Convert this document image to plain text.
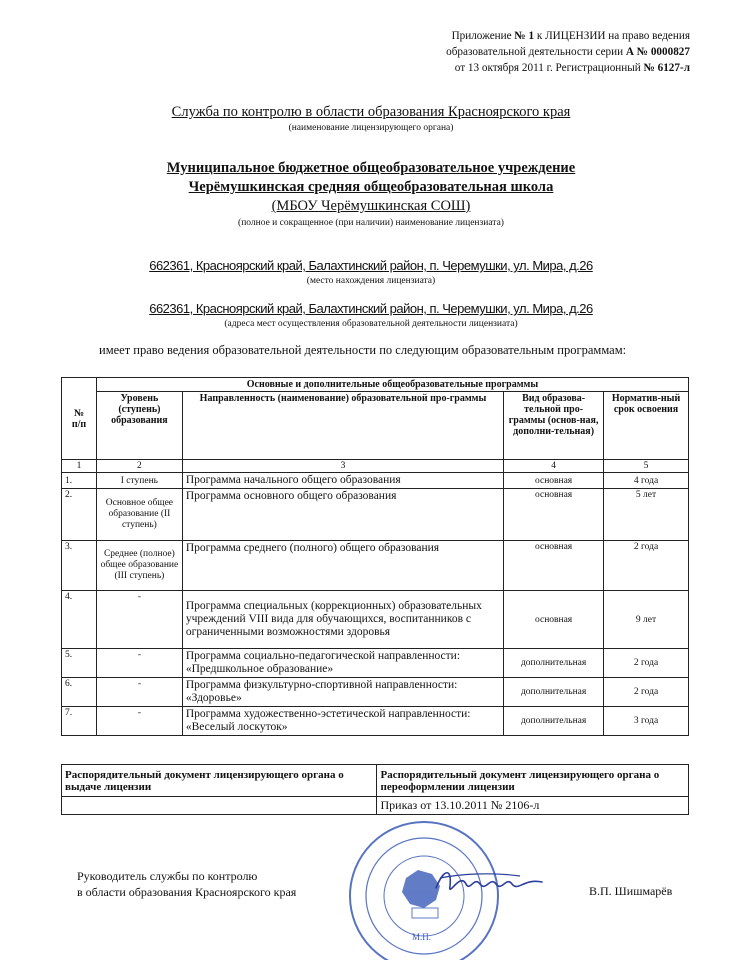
Приложение № 1 к ЛИЦЕНЗИИ на право ведения
образовательной деятельности серии А № 0000827
от 13 октября 2011 г. Регистрационный № 6127-л
Служба по контролю в области образования Красноярского края
(наименование лицензирующего органа)
Муниципальное бюджетное общеобразовательное учреждение
Черёмушкинская средняя общеобразовательная школа
(МБОУ Черёмушкинская СОШ)
(полное и сокращенное (при наличии) наименование лицензиата)
662361, Красноярский край, Балахтинский район, п. Черемушки, ул. Мира, д.26
(место нахождения лицензиата)
662361, Красноярский край, Балахтинский район, п. Черемушки, ул. Мира, д.26
(адреса мест осуществления образовательной деятельности лицензиата)
имеет право ведения образовательной деятельности по следующим образовательным программам:
№
п/п	Основные и дополнительные общеобразовательные программы			
	Уровень (ступень) образования	Направленность (наименование) образовательной про-граммы	Вид образова-тельной про-граммы (основ-ная, дополни-тельная)	Норматив-ный срок освоения
1	2	3	4	5
1.	I ступень	Программа начального общего образования	основная	4 года
2.	Основное общее образование (II ступень)	Программа основного общего образования	основная	5 лет
3.	Среднее (полное) общее образование (III ступень)	Программа среднего (полного) общего образования	основная	2 года
4.	-	Программа специальных (коррекционных) образовательных учреждений VIII вида для обучающихся, воспитанников с ограниченными возможностями здоровья	основная	9 лет
5.	-	Программа социально-педагогической направленности: «Предшкольное образование»	дополнительная	2 года
6.	-	Программа физкультурно-спортивной направленности: «Здоровье»	дополнительная	2 года
7.	-	Программа художественно-эстетической направленности: «Веселый лоскуток»	дополнительная	3 года
Распорядительный документ лицензирующего органа о выдаче лицензии	Распорядительный документ лицензирующего органа о переоформлении лицензии
	Приказ от 13.10.2011 № 2106-л
Руководитель службы по контролю
в области образования Красноярского края	В.П. Шишмарёв
М.П.
